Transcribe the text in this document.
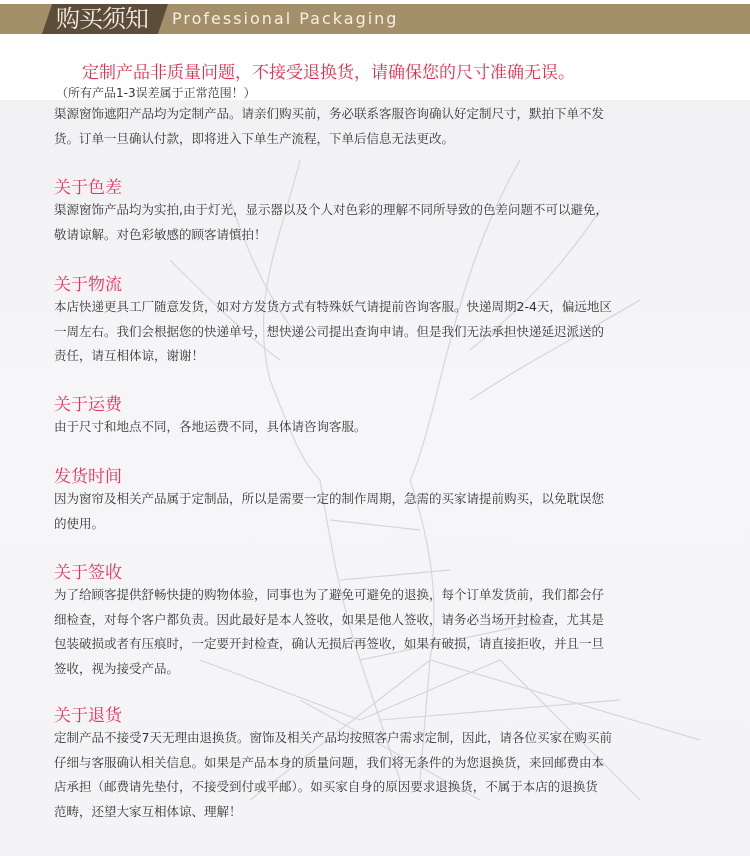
购买须知 Professional Packaging
定制产品非质量问题，不接受退换货，请确保您的尺寸准确无误。
（所有产品1-3误差属于正常范围！）
渠源窗饰遮阳产品均为定制产品。请亲们购买前，务必联系客服咨询确认好定制尺寸，默拍下单不发
货。订单一旦确认付款，即将进入下单生产流程，下单后信息无法更改。
关于色差
渠源窗饰产品均为实拍,由于灯光，显示器以及个人对色彩的理解不同所导致的色差问题不可以避免，
敬请谅解。对色彩敏感的顾客请慎拍！
关于物流
本店快递更具工厂随意发货，如对方发货方式有特殊妖气请提前咨询客服。快递周期2-4天，偏远地区
一周左右。我们会根据您的快递单号，想快递公司提出查询申请。但是我们无法承担快递延迟派送的
责任，请互相体谅，谢谢！
关于运费
由于尺寸和地点不同，各地运费不同，具体请咨询客服。
发货时间
因为窗帘及相关产品属于定制品，所以是需要一定的制作周期，急需的买家请提前购买，以免耽误您
的使用。
关于签收
为了给顾客提供舒畅快捷的购物体验，同事也为了避免可避免的退换，每个订单发货前，我们都会仔
细检查，对每个客户都负责。因此最好是本人签收，如果是他人签收，请务必当场开封检查，尤其是
包装破损或者有压痕时，一定要开封检查，确认无损后再签收，如果有破损，请直接拒收，并且一旦
签收，视为接受产品。
关于退货
定制产品不接受7天无理由退换货。窗饰及相关产品均按照客户需求定制，因此，请各位买家在购买前
仔细与客服确认相关信息。如果是产品本身的质量问题，我们将无条件的为您退换货，来回邮费由本
店承担（邮费请先垫付，不接受到付或平邮）。如买家自身的原因要求退换货，不属于本店的退换货
范畴，还望大家互相体谅、理解！
